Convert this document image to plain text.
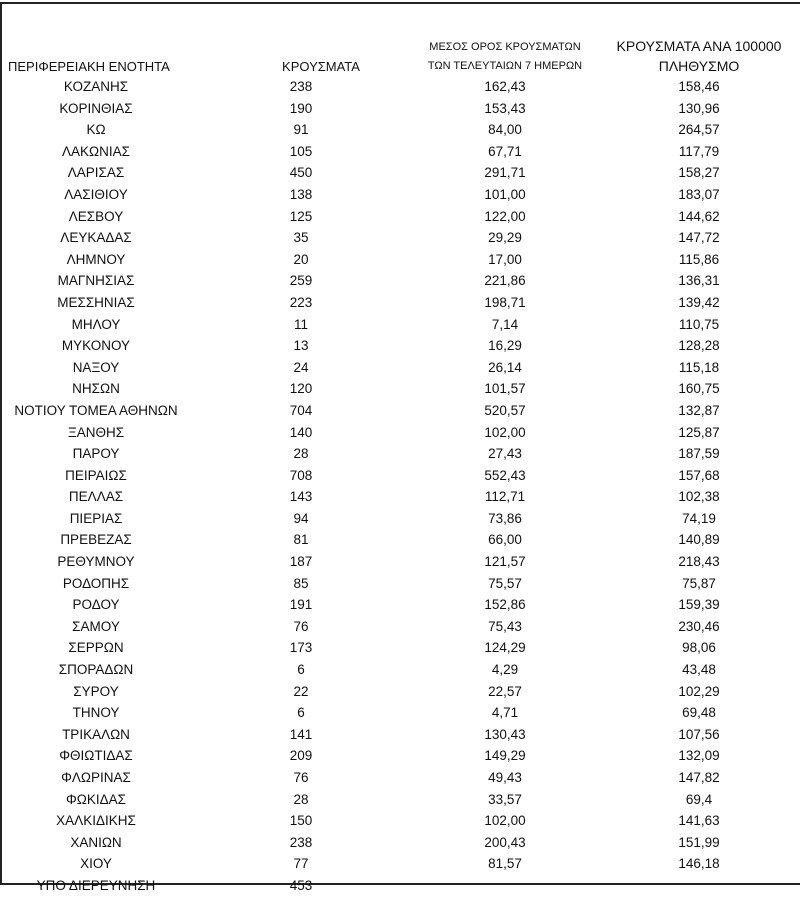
ΠΕΡΙΦΕΡΕΙΑΚΗ ΕΝΟΤΗΤΑ	ΚΡΟΥΣΜΑΤΑ	ΜΕΣΟΣ ΟΡΟΣ ΚΡΟΥΣΜΑΤΩΝ
ΤΩΝ ΤΕΛΕΥΤΑΙΩΝ 7 ΗΜΕΡΩΝ	ΚΡΟΥΣΜΑΤΑ ΑΝΑ 100000
ΠΛΗΘΥΣΜΟ
ΚΟΖΑΝΗΣ	238	162,43	158,46
ΚΟΡΙΝΘΙΑΣ	190	153,43	130,96
ΚΩ	91	84,00	264,57
ΛΑΚΩΝΙΑΣ	105	67,71	117,79
ΛΑΡΙΣΑΣ	450	291,71	158,27
ΛΑΣΙΘΙΟΥ	138	101,00	183,07
ΛΕΣΒΟΥ	125	122,00	144,62
ΛΕΥΚΑΔΑΣ	35	29,29	147,72
ΛΗΜΝΟΥ	20	17,00	115,86
ΜΑΓΝΗΣΙΑΣ	259	221,86	136,31
ΜΕΣΣΗΝΙΑΣ	223	198,71	139,42
ΜΗΛΟΥ	11	7,14	110,75
ΜΥΚΟΝΟΥ	13	16,29	128,28
ΝΑΞΟΥ	24	26,14	115,18
ΝΗΣΩΝ	120	101,57	160,75
ΝΟΤΙΟΥ ΤΟΜΕΑ ΑΘΗΝΩΝ	704	520,57	132,87
ΞΑΝΘΗΣ	140	102,00	125,87
ΠΑΡΟΥ	28	27,43	187,59
ΠΕΙΡΑΙΩΣ	708	552,43	157,68
ΠΕΛΛΑΣ	143	112,71	102,38
ΠΙΕΡΙΑΣ	94	73,86	74,19
ΠΡΕΒΕΖΑΣ	81	66,00	140,89
ΡΕΘΥΜΝΟΥ	187	121,57	218,43
ΡΟΔΟΠΗΣ	85	75,57	75,87
ΡΟΔΟΥ	191	152,86	159,39
ΣΑΜΟΥ	76	75,43	230,46
ΣΕΡΡΩΝ	173	124,29	98,06
ΣΠΟΡΑΔΩΝ	6	4,29	43,48
ΣΥΡΟΥ	22	22,57	102,29
ΤΗΝΟΥ	6	4,71	69,48
ΤΡΙΚΑΛΩΝ	141	130,43	107,56
ΦΘΙΩΤΙΔΑΣ	209	149,29	132,09
ΦΛΩΡΙΝΑΣ	76	49,43	147,82
ΦΩΚΙΔΑΣ	28	33,57	69,4
ΧΑΛΚΙΔΙΚΗΣ	150	102,00	141,63
ΧΑΝΙΩΝ	238	200,43	151,99
ΧΙΟΥ	77	81,57	146,18
ΥΠΟ ΔΙΕΡΕΥΝΗΣΗ	453		
